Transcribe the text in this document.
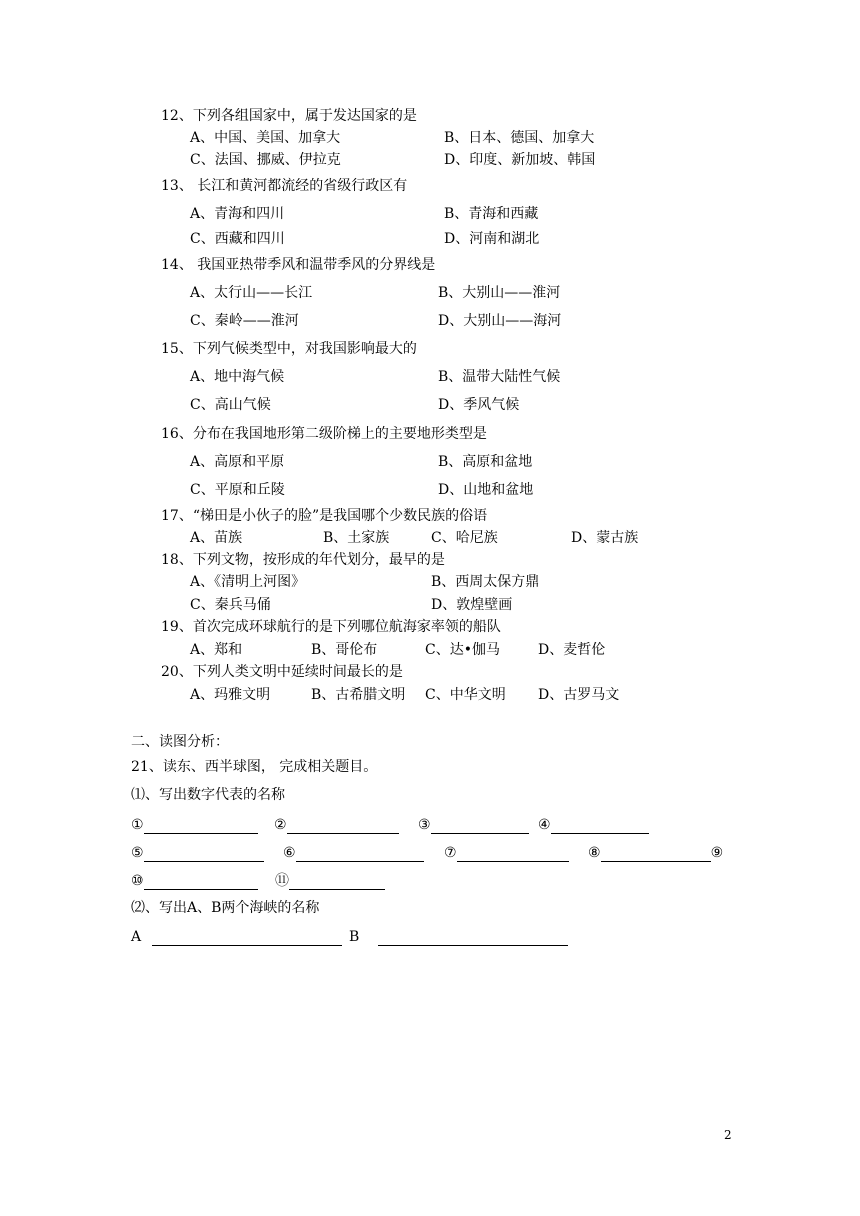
12、下列各组国家中，属于发达国家的是
A、中国、美国、加拿大	B、日本、德国、加拿大
C、法国、挪威、伊拉克	D、印度、新加坡、韩国
13、 长江和黄河都流经的省级行政区有
A、青海和四川	B、青海和西藏
C、西藏和四川	D、河南和湖北
14、 我国亚热带季风和温带季风的分界线是
A、太行山——长江	B、大别山——淮河
C、秦岭——淮河	D、大别山——海河
15、下列气候类型中，对我国影响最大的
A、地中海气候	B、温带大陆性气候
C、高山气候	D、季风气候
16、分布在我国地形第二级阶梯上的主要地形类型是
A、高原和平原	B、高原和盆地
C、平原和丘陵	D、山地和盆地
17、“梯田是小伙子的脸”是我国哪个少数民族的俗语
A、苗族	B、土家族	C、哈尼族	D、蒙古族
18、下列文物，按形成的年代划分，最早的是
A、《清明上河图》	B、西周太保方鼎
C、秦兵马俑	D、敦煌壁画
19、首次完成环球航行的是下列哪位航海家率领的船队
A、郑和	B、哥伦布	C、达•伽马	D、麦哲伦
20、下列人类文明中延续时间最长的是
A、玛雅文明	B、古希腊文明 C、中华文明 D、古罗马文
二、读图分析：
21、读东、西半球图， 完成相关题目。
⑴、写出数字代表的名称
①	②	③	④
⑤	⑥	⑦	⑧	⑨
⑩	⑪
⑵、写出A、B两个海峡的名称
A	B
2
